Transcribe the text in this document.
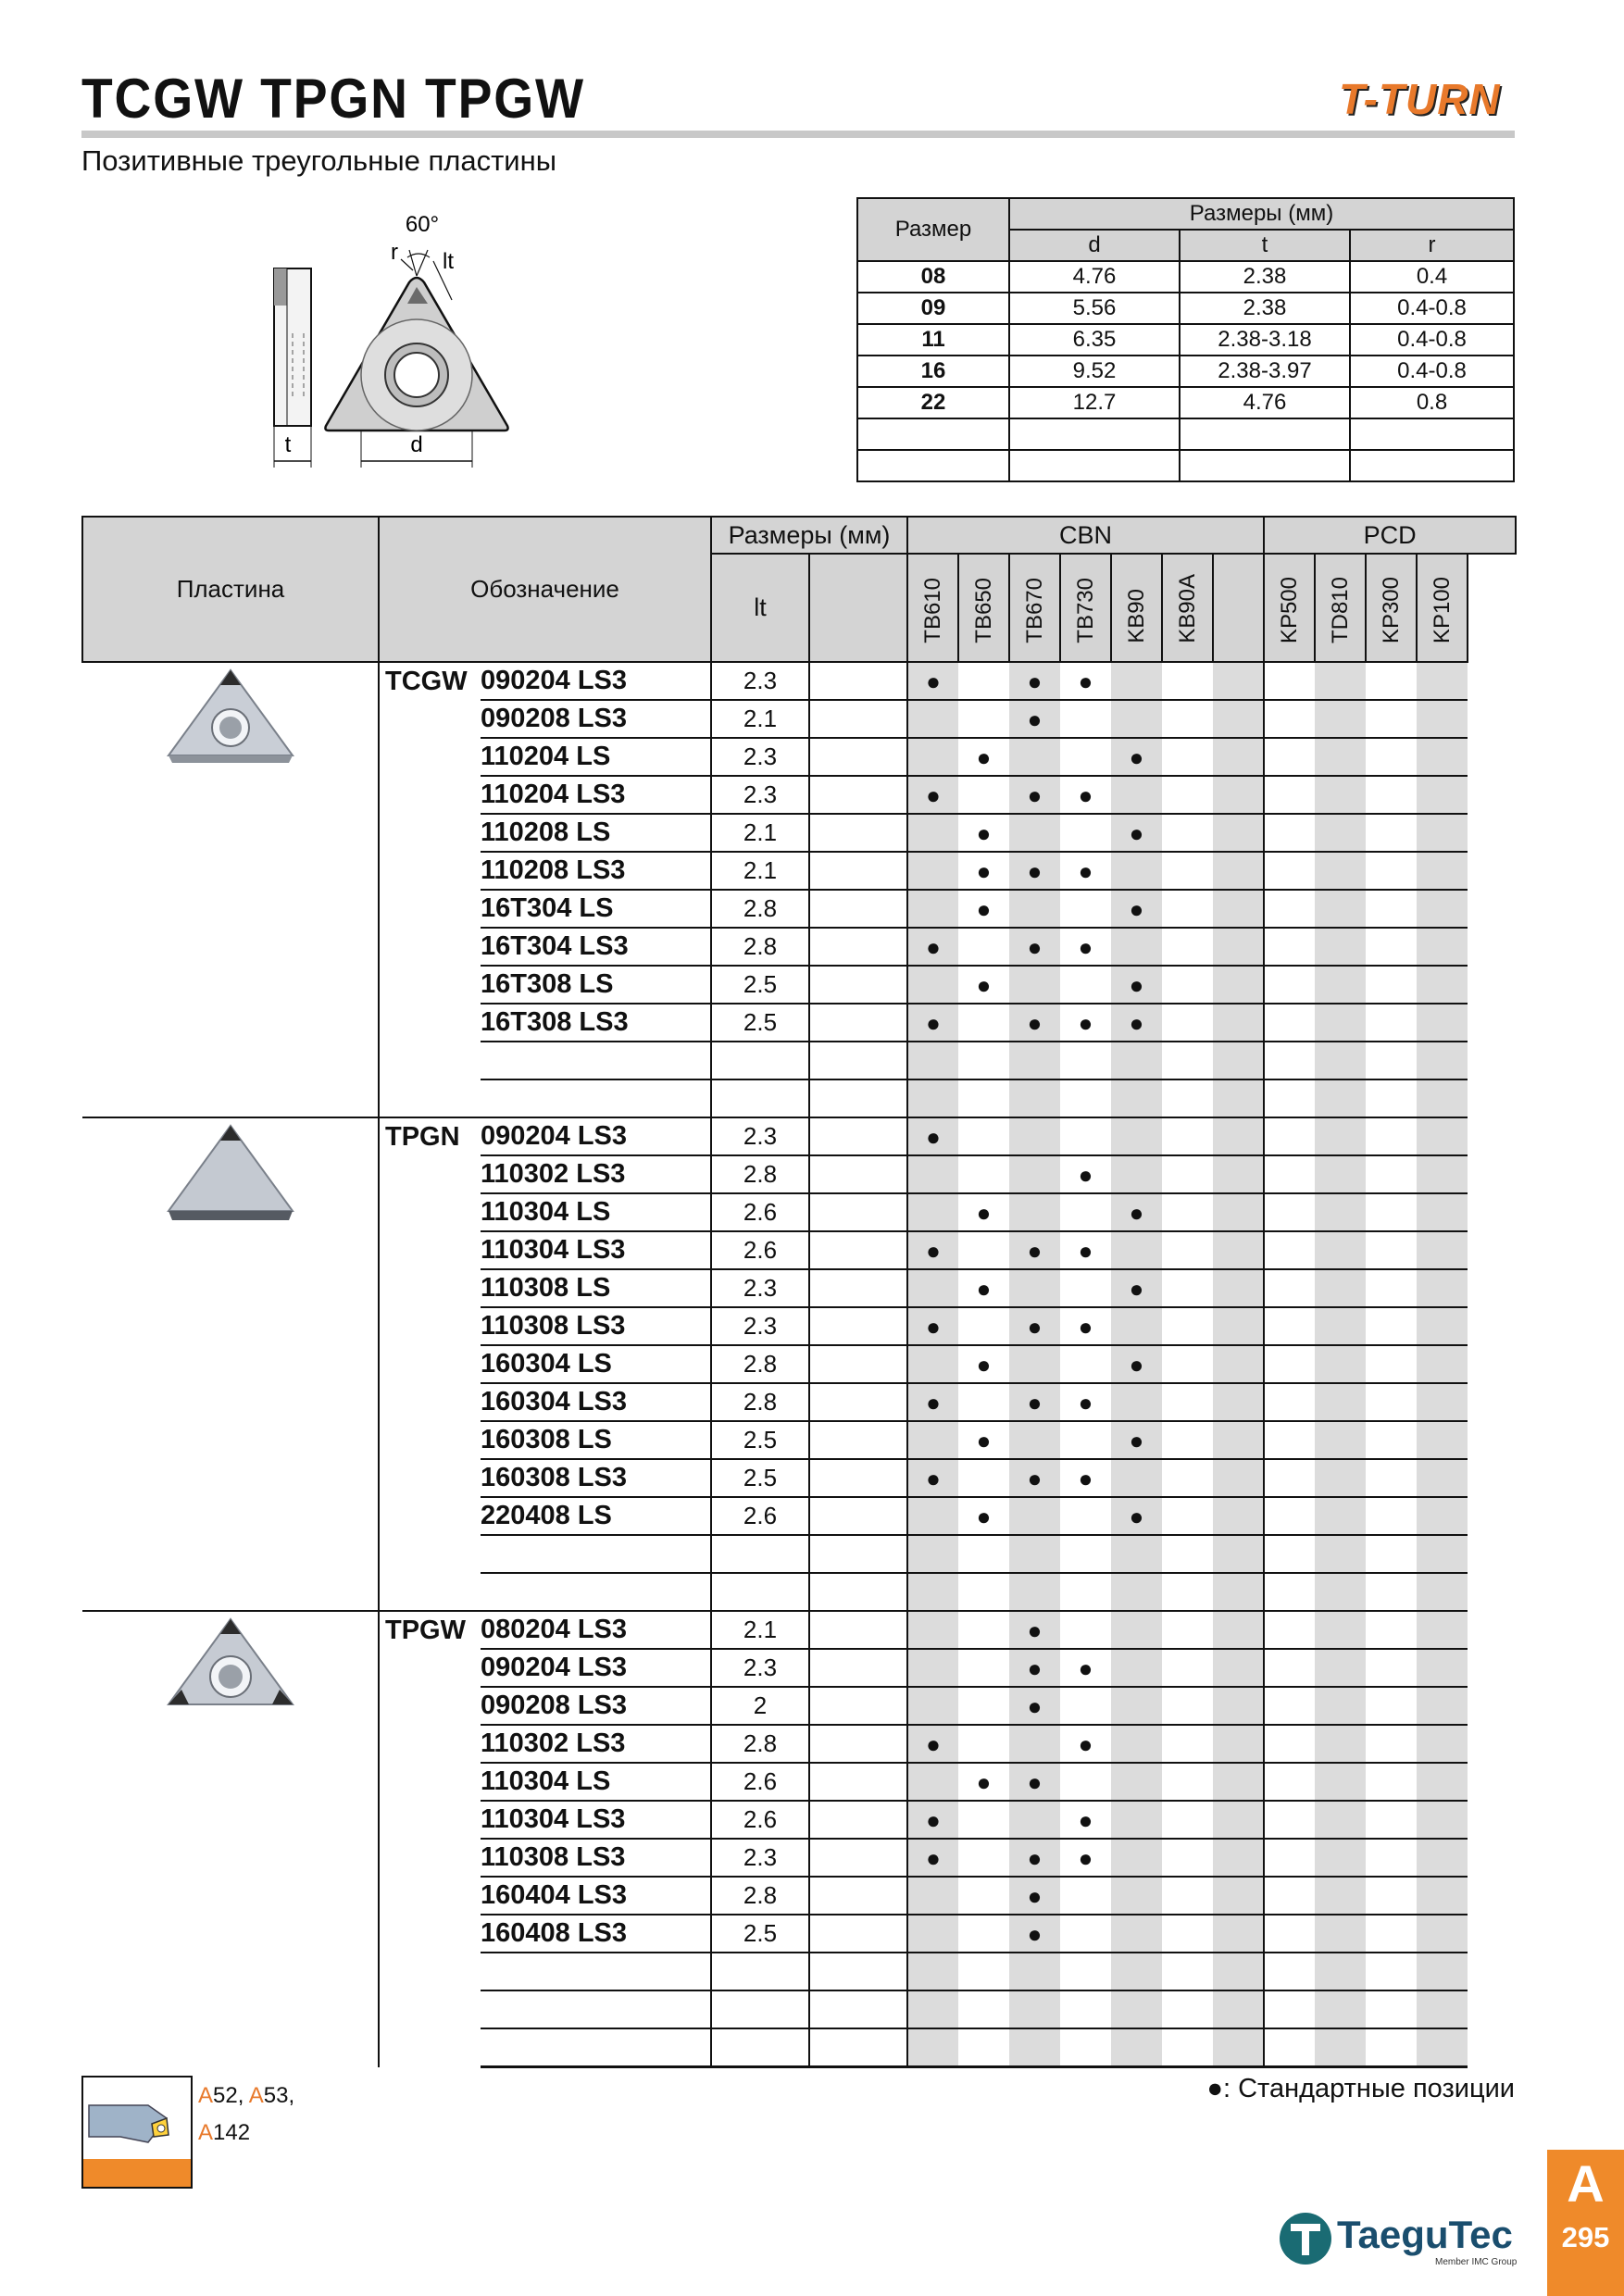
TCGW TPGN TPGW	T-TURN
Позитивные треугольные пластины
t
60°
r lt
d
Размер	Размеры (мм)		
	d	t	r
08	4.76	2.38	0.4
09	5.56	2.38	0.4-0.8
11	6.35	2.38-3.18	0.4-0.8
16	9.52	2.38-3.97	0.4-0.8
22	12.7	4.76	0.8

Пластина	Обозначение		Размеры (мм)		CBN							PCD			
			lt		TB610	TB650	TB670	TB730	KB90	KB90A		KP500	TD810	KP300	KP100
	TCGW	090204 LS3	2.3		●		●	●							
		090208 LS3	2.1				●								
		110204 LS	2.3			●			●						
		110204 LS3	2.3		●		●	●							
		110208 LS	2.1			●			●						
		110208 LS3	2.1			●	●	●							
		16T304 LS	2.8			●			●						
		16T304 LS3	2.8		●		●	●							
		16T308 LS	2.5			●			●						
		16T308 LS3	2.5		●		●	●	●						

	TPGN	090204 LS3	2.3		●										
		110302 LS3	2.8					●							
		110304 LS	2.6			●			●						
		110304 LS3	2.6		●		●	●							
		110308 LS	2.3			●			●						
		110308 LS3	2.3		●		●	●							
		160304 LS	2.8			●			●						
		160304 LS3	2.8		●		●	●							
		160308 LS	2.5			●			●						
		160308 LS3	2.5		●		●	●							
		220408 LS	2.6			●			●						

	TPGW	080204 LS3	2.1				●								
		090204 LS3	2.3				●	●							
		090208 LS3	2				●								
		110302 LS3	2.8		●			●							
		110304 LS	2.6			●	●								
		110304 LS3	2.6		●			●							
		110308 LS3	2.3		●		●	●							
		160404 LS3	2.8				●								
		160408 LS3	2.5				●								

A52, A53,
A142
●: Стандартные позиции
TaeguTec
Member IMC Group
A
295
